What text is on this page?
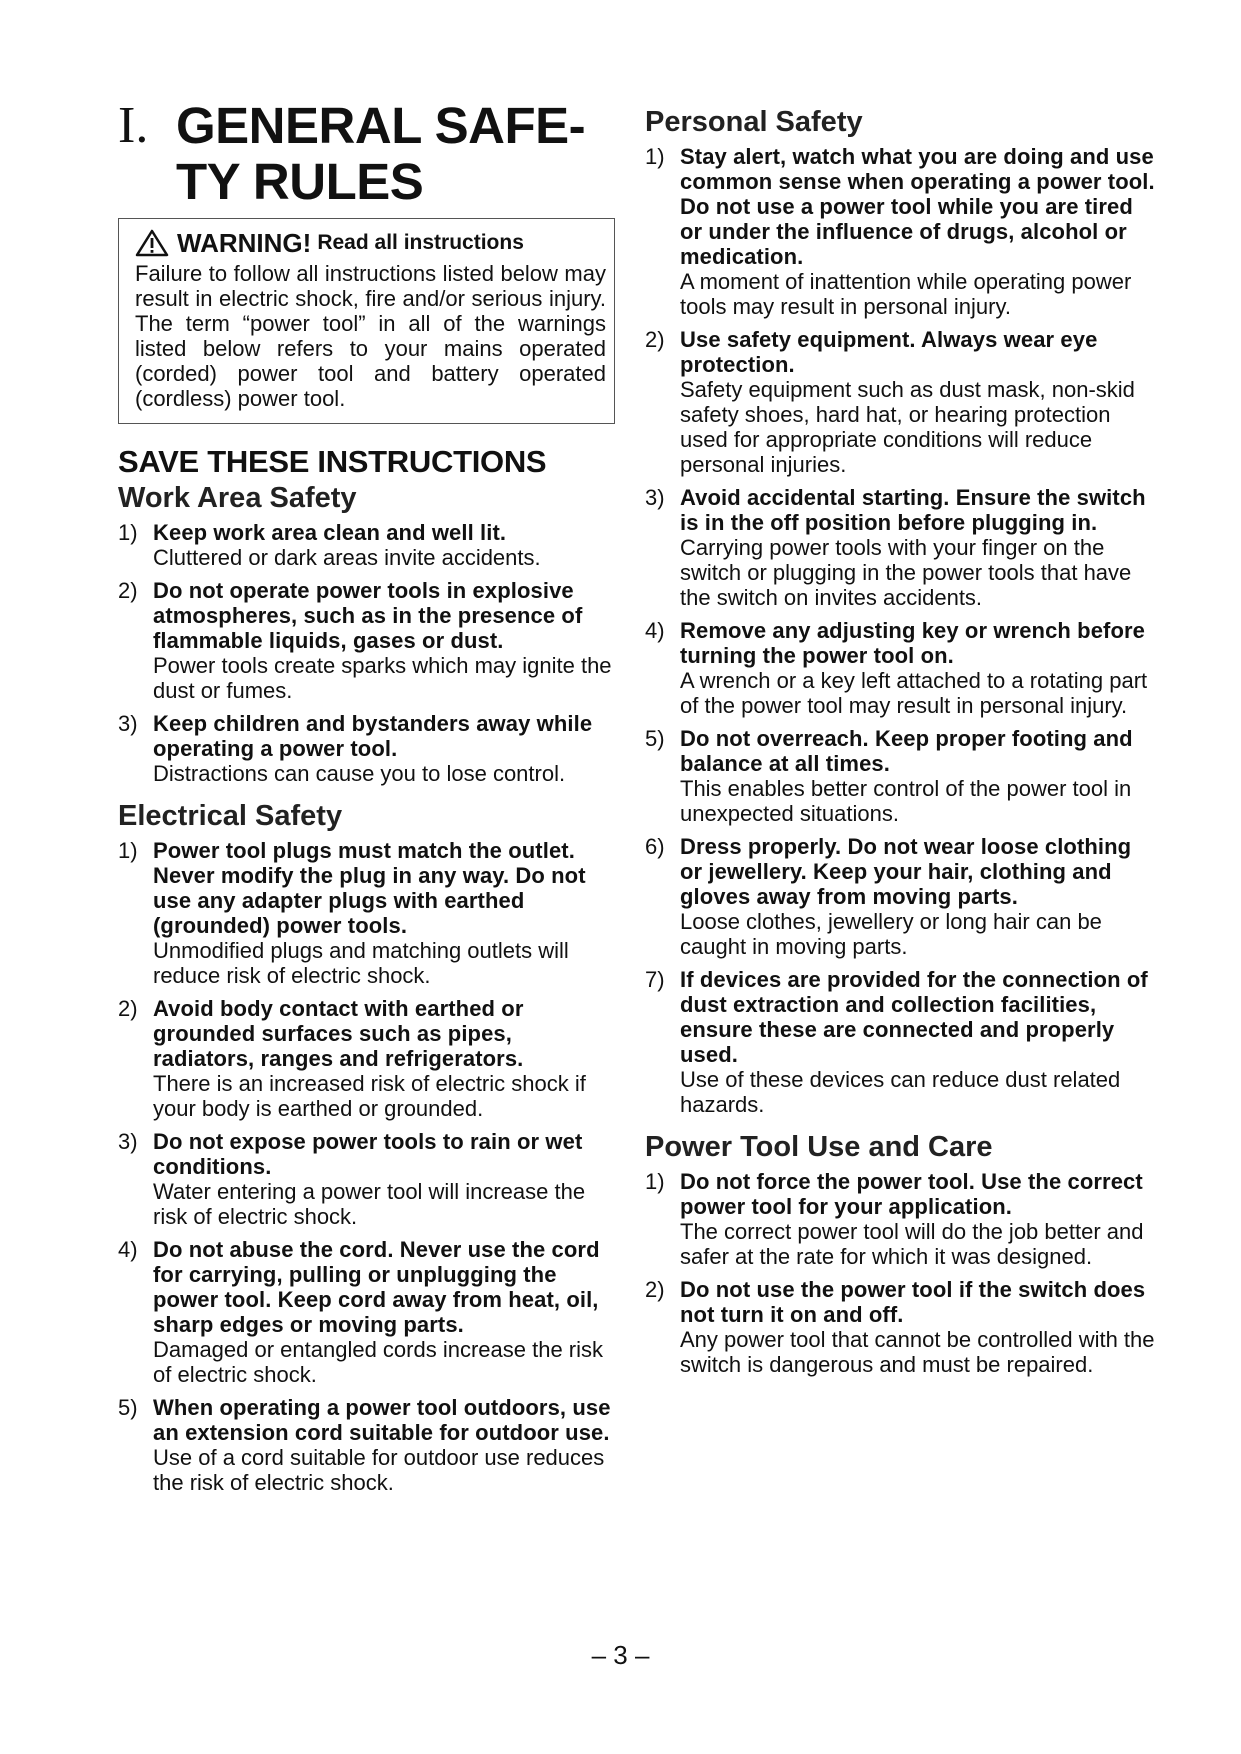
I. GENERAL SAFE-
TY RULES
WARNING! Read all instructions
Failure to follow all instructions listed below may result in electric shock, fire and/or serious injury. The term “power tool” in all of the warnings listed below refers to your mains operated (corded) power tool and battery operated (cordless) power tool.
SAVE THESE INSTRUCTIONS
Work Area Safety
1) Keep work area clean and well lit.
Cluttered or dark areas invite accidents.
2) Do not operate power tools in explosive atmospheres, such as in the presence of flammable liquids, gases or dust.
Power tools create sparks which may ignite the dust or fumes.
3) Keep children and bystanders away while operating a power tool.
Distractions can cause you to lose control.
Electrical Safety
1) Power tool plugs must match the outlet. Never modify the plug in any way. Do not use any adapter plugs with earthed (grounded) power tools.
Unmodified plugs and matching outlets will reduce risk of electric shock.
2) Avoid body contact with earthed or grounded surfaces such as pipes, radiators, ranges and refrigerators.
There is an increased risk of electric shock if your body is earthed or grounded.
3) Do not expose power tools to rain or wet conditions.
Water entering a power tool will increase the risk of electric shock.
4) Do not abuse the cord. Never use the cord for carrying, pulling or unplugging the power tool. Keep cord away from heat, oil, sharp edges or moving parts.
Damaged or entangled cords increase the risk of electric shock.
5) When operating a power tool outdoors, use an extension cord suitable for outdoor use.
Use of a cord suitable for outdoor use reduces the risk of electric shock.
Personal Safety
1) Stay alert, watch what you are doing and use common sense when operating a power tool. Do not use a power tool while you are tired or under the influence of drugs, alcohol or medication.
A moment of inattention while operating power tools may result in personal injury.
2) Use safety equipment. Always wear eye protection.
Safety equipment such as dust mask, non-skid safety shoes, hard hat, or hearing protection used for appropriate conditions will reduce personal injuries.
3) Avoid accidental starting. Ensure the switch is in the off position before plugging in.
Carrying power tools with your finger on the switch or plugging in the power tools that have the switch on invites accidents.
4) Remove any adjusting key or wrench before turning the power tool on.
A wrench or a key left attached to a rotating part of the power tool may result in personal injury.
5) Do not overreach. Keep proper footing and balance at all times.
This enables better control of the power tool in unexpected situations.
6) Dress properly. Do not wear loose clothing or jewellery. Keep your hair, clothing and gloves away from moving parts.
Loose clothes, jewellery or long hair can be caught in moving parts.
7) If devices are provided for the connection of dust extraction and collection facilities, ensure these are connected and properly used.
Use of these devices can reduce dust related hazards.
Power Tool Use and Care
1) Do not force the power tool. Use the correct power tool for your application.
The correct power tool will do the job better and safer at the rate for which it was designed.
2) Do not use the power tool if the switch does not turn it on and off.
Any power tool that cannot be controlled with the switch is dangerous and must be repaired.
– 3 –
